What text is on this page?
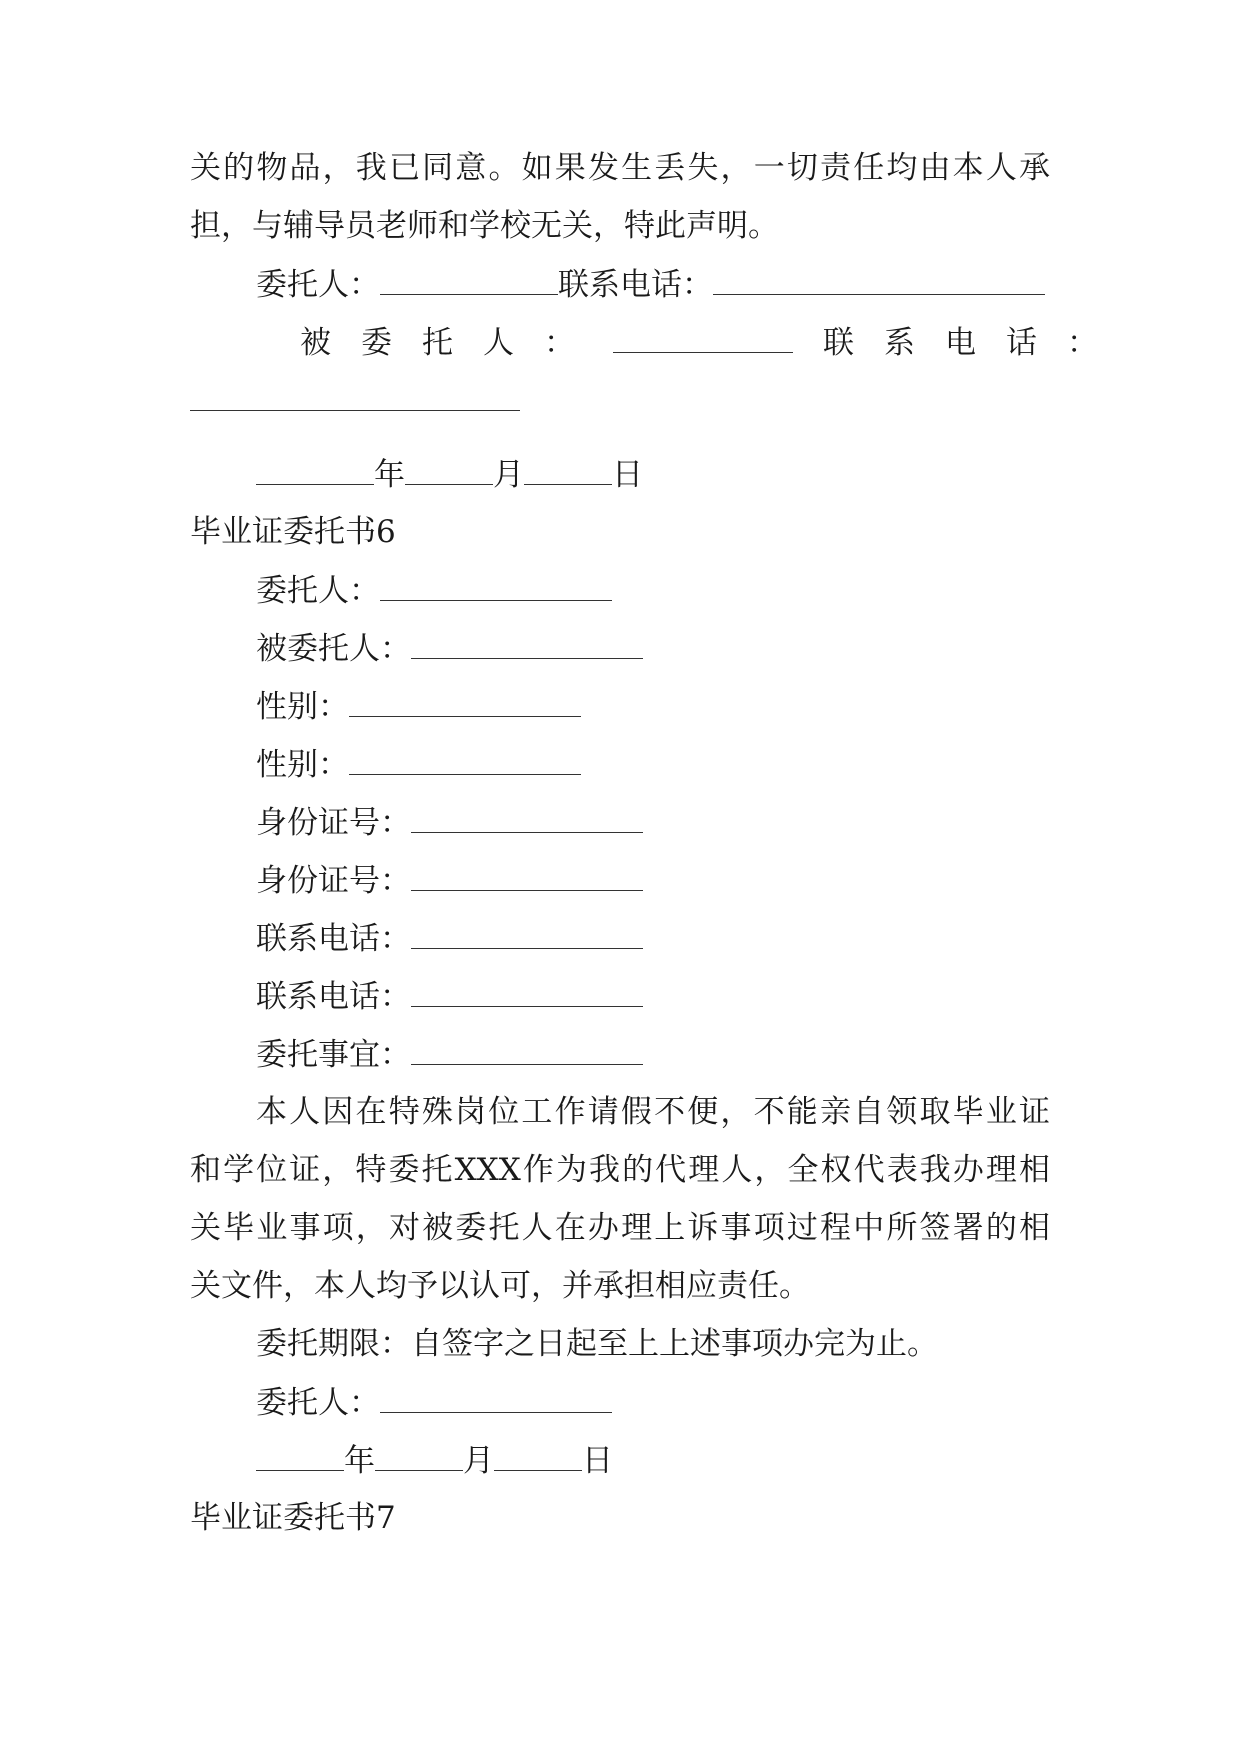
关的物品，我已同意。如果发生丢失，一切责任均由本人承
担，与辅导员老师和学校无关，特此声明。
委托人：	联系电话：
被委托人：	联系电话：
年	月	日
毕业证委托书6
委托人：
被委托人：
性别：
性别：
身份证号：
身份证号：
联系电话：
联系电话：
委托事宜：
本人因在特殊岗位工作请假不便，不能亲自领取毕业证
和学位证，特委托XXX作为我的代理人，全权代表我办理相
关毕业事项，对被委托人在办理上诉事项过程中所签署的相
关文件，本人均予以认可，并承担相应责任。
委托期限：自签字之日起至上上述事项办完为止。
委托人：
年	月	日
毕业证委托书7
